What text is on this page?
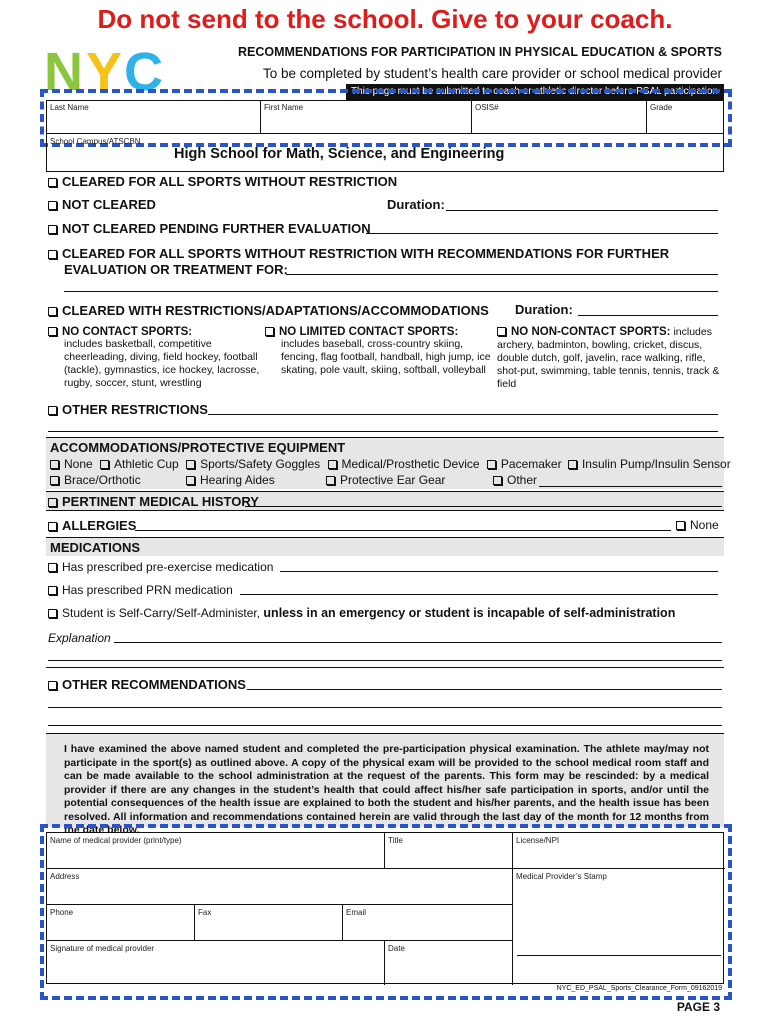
Do not send to the school. Give to your coach.
N Y C	RECOMMENDATIONS FOR PARTICIPATION IN PHYSICAL EDUCATION & SPORTS
To be completed by student’s health care provider or school medical provider
This page must be submitted to coach or athletic director before PSAL participation
Last Name	First Name	OSIS#	Grade
School Campus/ATSCBN
High School for Math, Science, and Engineering
CLEARED FOR ALL SPORTS WITHOUT RESTRICTION
NOT CLEARED	Duration:
NOT CLEARED PENDING FURTHER EVALUATION
CLEARED FOR ALL SPORTS WITHOUT RESTRICTION WITH RECOMMENDATIONS FOR FURTHER
EVALUATION OR TREATMENT FOR:
CLEARED WITH RESTRICTIONS/ADAPTATIONS/ACCOMMODATIONS Duration:
NO CONTACT SPORTS:
includes basketball, competitive cheerleading, diving, field hockey, football (tackle), gymnastics, ice hockey, lacrosse, rugby, soccer, stunt, wrestling
NO LIMITED CONTACT SPORTS:
includes baseball, cross-country skiing, fencing, flag football, handball, high jump, ice skating, pole vault, skiing, softball, volleyball
NO NON-CONTACT SPORTS: includes archery, badminton, bowling, cricket, discus, double dutch, golf, javelin, race walking, rifle, shot-put, swimming, table tennis, tennis, track & field
OTHER RESTRICTIONS
ACCOMMODATIONS/PROTECTIVE EQUIPMENT
None Athletic Cup Sports/Safety Goggles Medical/Prosthetic Device Pacemaker Insulin Pump/Insulin Sensor
Brace/Orthotic	Hearing Aides	Protective Ear Gear	Other
PERTINENT MEDICAL HISTORY
ALLERGIES	None
MEDICATIONS
Has prescribed pre-exercise medication
Has prescribed PRN medication
Student is Self-Carry/Self-Administer, unless in an emergency or student is incapable of self-administration
Explanation
OTHER RECOMMENDATIONS
I have examined the above named student and completed the pre-participation physical examination. The athlete may/may not participate in the sport(s) as outlined above. A copy of the physical exam will be provided to the school medical room staff and can be made available to the school administration at the request of the parents. This form may be rescinded: by a medical provider if there are any changes in the student’s health that could affect his/her safe participation in sports, and/or until the potential consequences of the health issue are explained to both the student and his/her parents, and the health issue has been resolved. All information and recommendations contained herein are valid through the last day of the month for 12 months from the date below.
Name of medical provider (print/type)	Title	License/NPI
Address	Medical Provider’s Stamp
Phone	Fax	Email
Signature of medical provider	Date
NYC_ED_PSAL_Sports_Clearance_Form_09162019
PAGE 3
